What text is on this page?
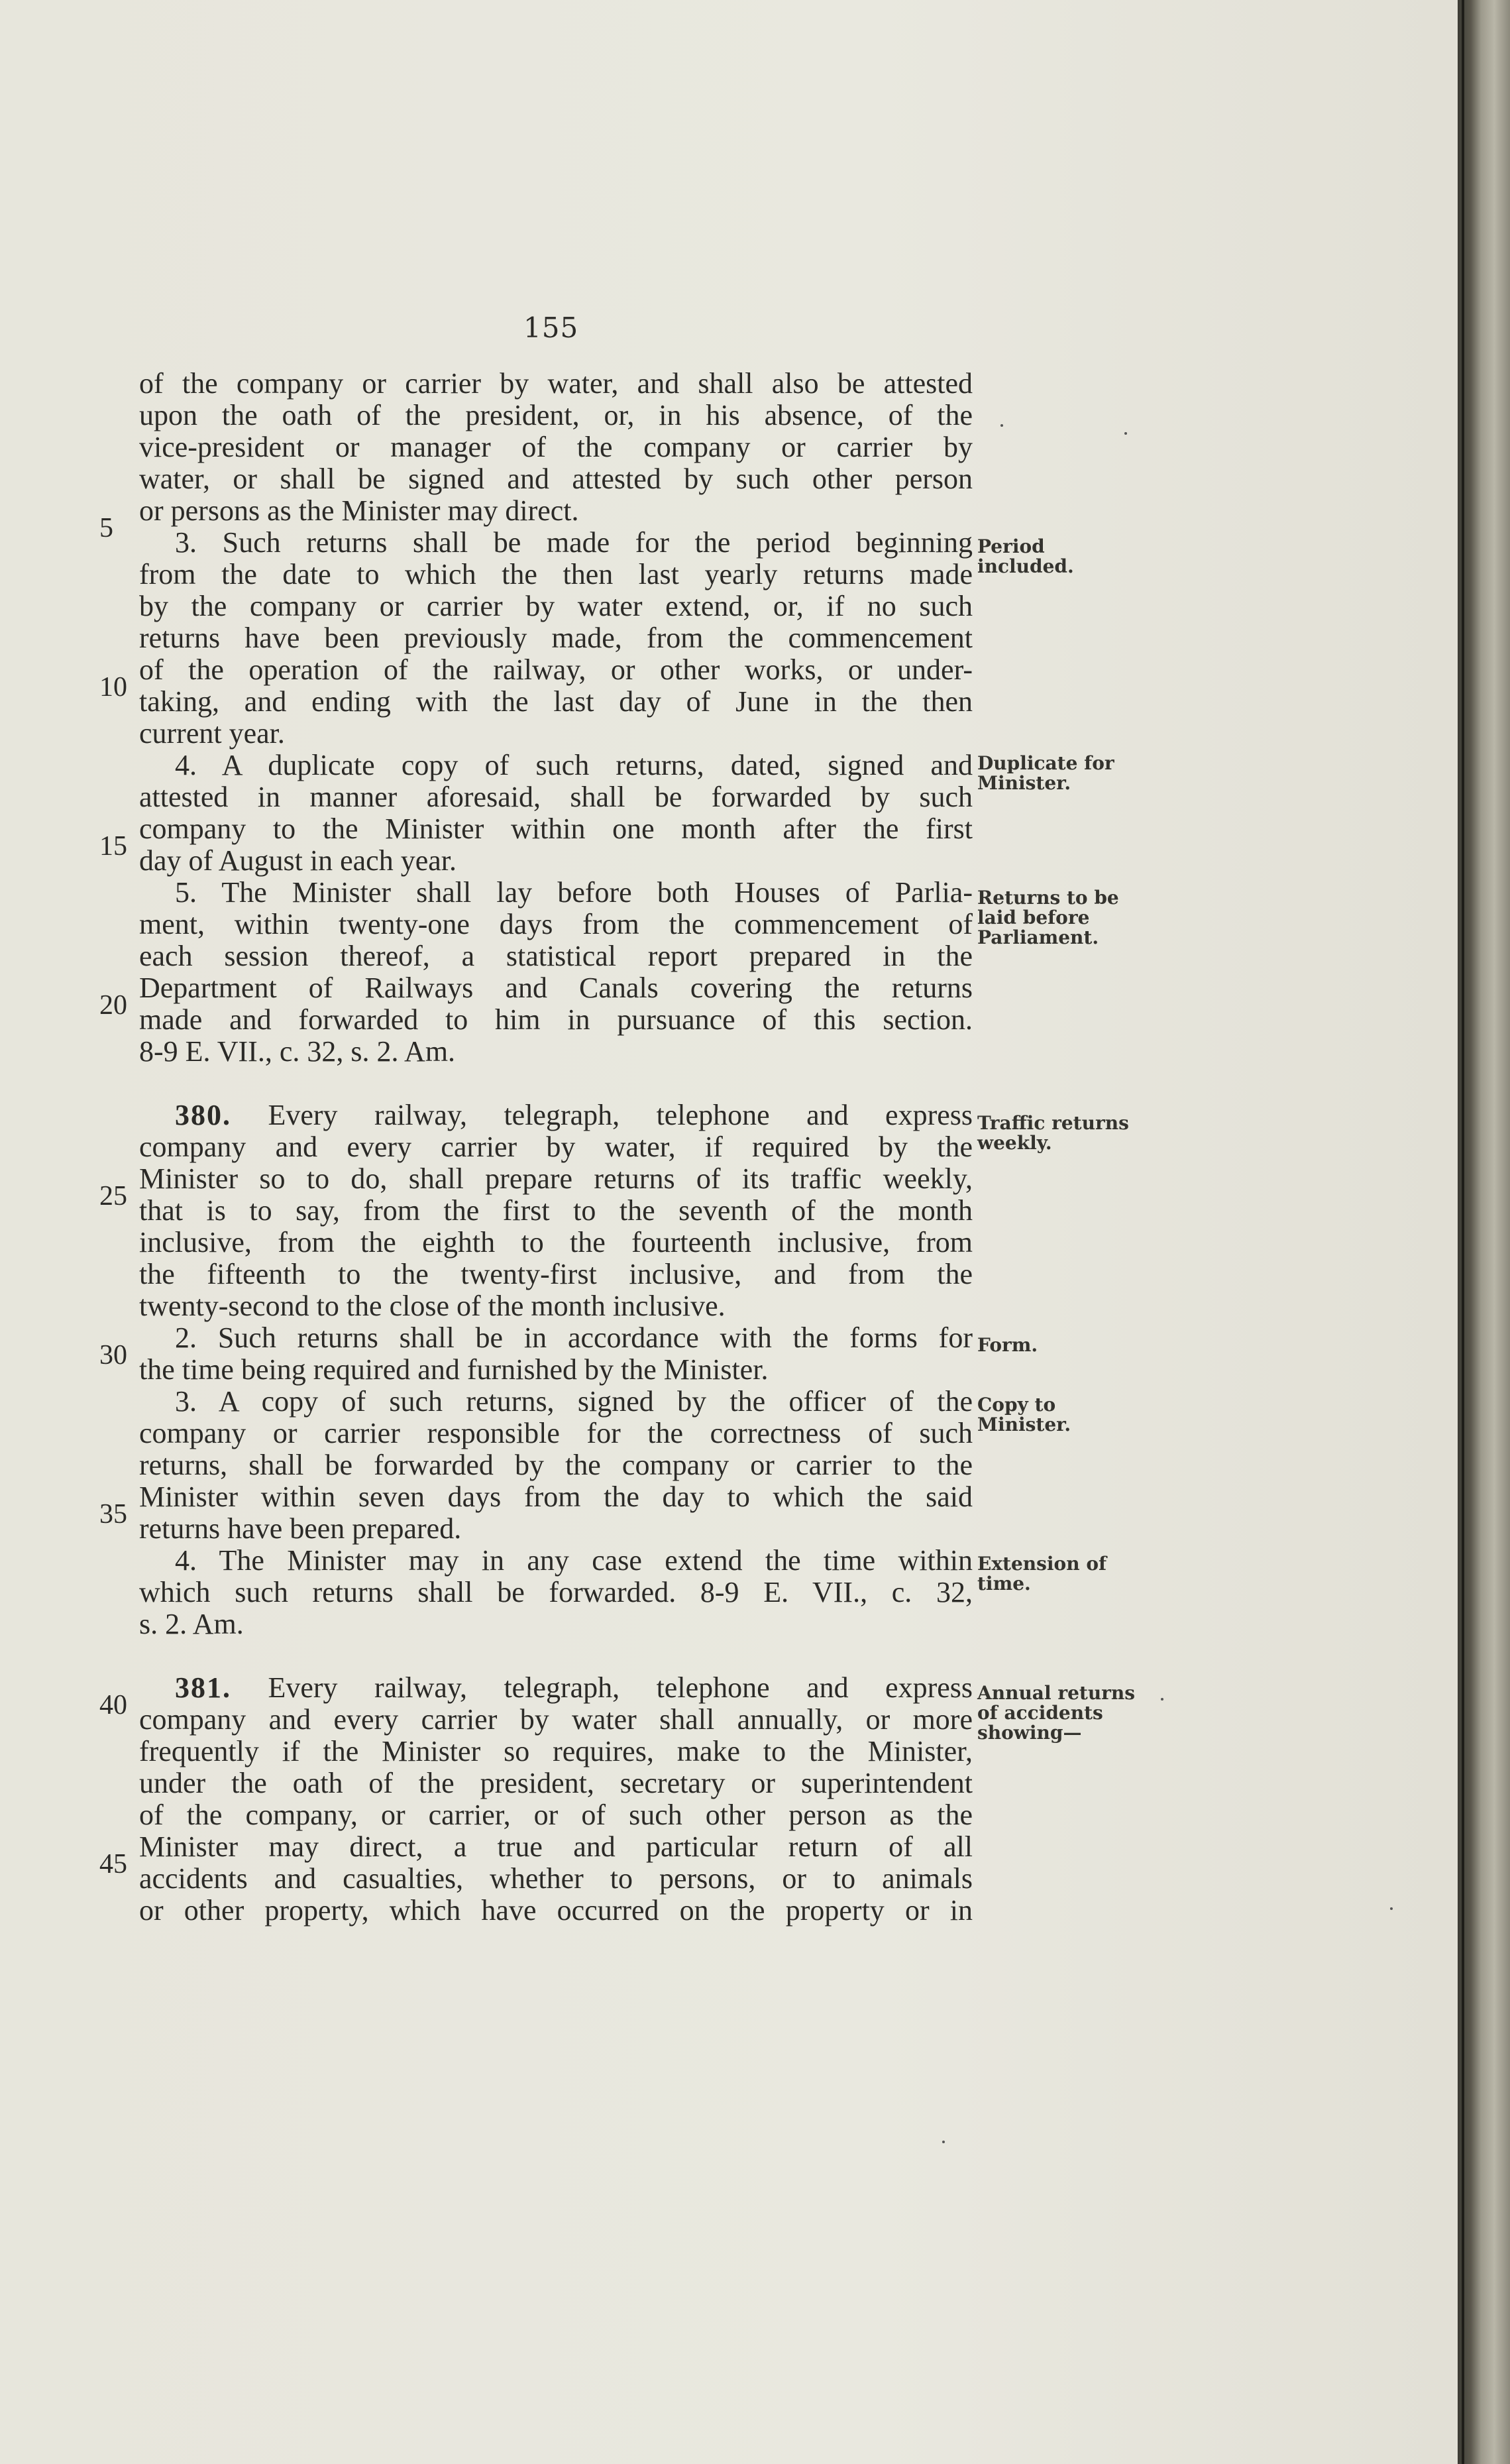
155
5
10
15
20
25
30
35
40
45
of the company or carrier by water, and shall also be attested
upon the oath of the president, or, in his absence, of the
vice-president or manager of the company or carrier by
water, or shall be signed and attested by such other person
or persons as the Minister may direct.
3. Such returns shall be made for the period beginning
from the date to which the then last yearly returns made
by the company or carrier by water extend, or, if no such
returns have been previously made, from the commencement
of the operation of the railway, or other works, or under-
taking, and ending with the last day of June in the then
current year.
4. A duplicate copy of such returns, dated, signed and
attested in manner aforesaid, shall be forwarded by such
company to the Minister within one month after the first
day of August in each year.
5. The Minister shall lay before both Houses of Parlia-
ment, within twenty-one days from the commencement of
each session thereof, a statistical report prepared in the
Department of Railways and Canals covering the returns
made and forwarded to him in pursuance of this section.
8-9 E. VII., c. 32, s. 2. Am.
380. Every railway, telegraph, telephone and express
company and every carrier by water, if required by the
Minister so to do, shall prepare returns of its traffic weekly,
that is to say, from the first to the seventh of the month
inclusive, from the eighth to the fourteenth inclusive, from
the fifteenth to the twenty-first inclusive, and from the
twenty-second to the close of the month inclusive.
2. Such returns shall be in accordance with the forms for
the time being required and furnished by the Minister.
3. A copy of such returns, signed by the officer of the
company or carrier responsible for the correctness of such
returns, shall be forwarded by the company or carrier to the
Minister within seven days from the day to which the said
returns have been prepared.
4. The Minister may in any case extend the time within
which such returns shall be forwarded. 8-9 E. VII., c. 32,
s. 2. Am.
381. Every railway, telegraph, telephone and express
company and every carrier by water shall annually, or more
frequently if the Minister so requires, make to the Minister,
under the oath of the president, secretary or superintendent
of the company, or carrier, or of such other person as the
Minister may direct, a true and particular return of all
accidents and casualties, whether to persons, or to animals
or other property, which have occurred on the property or in
Period included.
Duplicate for Minister.
Returns to be laid before Parliament.
Traffic returns weekly.
Form.
Copy to Minister.
Extension of time.
Annual returns of accidents showing—
